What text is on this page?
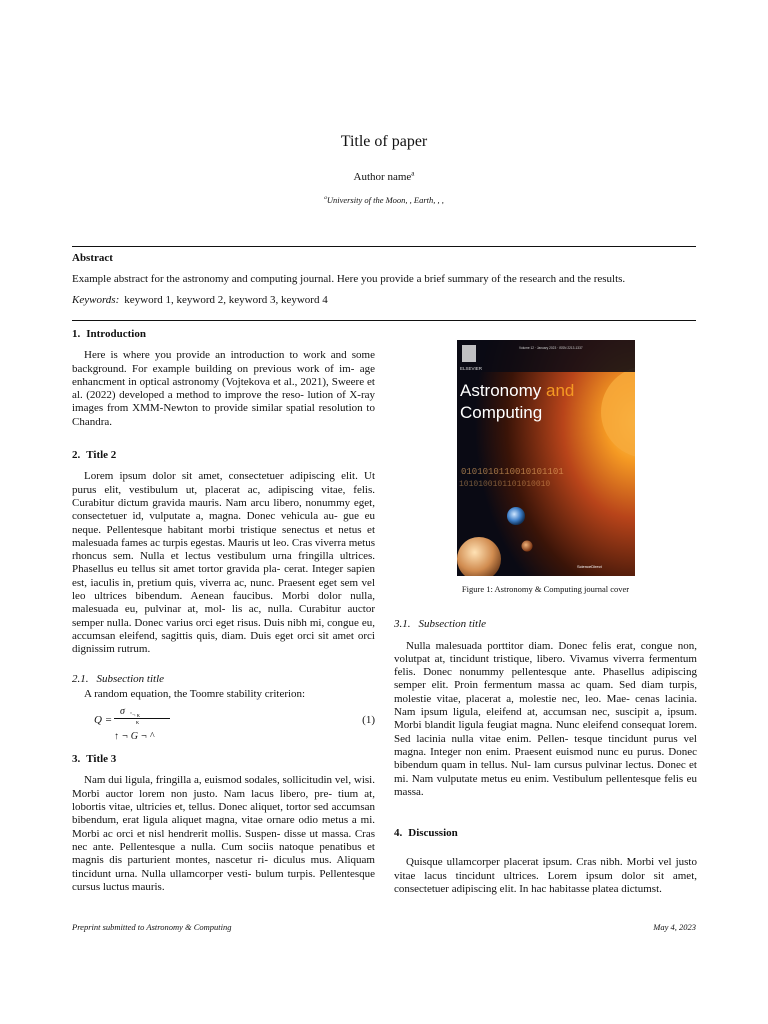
Title of paper
Author name$^a$
$^a$University of the Moon, , Earth, , ,
Abstract
Example abstract for the astronomy and computing journal. Here you provide a brief summary of the research and the results.
Keywords: keyword 1, keyword 2, keyword 3, keyword 4
1. Introduction

Here is where you provide an introduction to work and some background. For example building on previous work of im- age enhancment in optical astronomy (Vojtekova et al., 2021), Sweere et al. (2022) developed a method to improve the reso- lution of X-ray images from XMM-Newton to provide similar spatial resolution to Chandra.

2. Title 2

Lorem ipsum dolor sit amet, consectetuer adipiscing elit. Ut purus elit, vestibulum ut, placerat ac, adipiscing vitae, felis. Curabitur dictum gravida mauris. Nam arcu libero, nonummy eget, consectetuer id, vulputate a, magna. Donec vehicula au- gue eu neque. Pellentesque habitant morbi tristique senectus et netus et malesuada fames ac turpis egestas. Mauris ut leo. Cras viverra metus rhoncus sem. Nulla et lectus vestibulum urna fringilla ultrices. Phasellus eu tellus sit amet tortor gravida pla- cerat. Integer sapien est, iaculis in, pretium quis, viverra ac, nunc. Praesent eget sem vel leo ultrices bibendum. Aenean faucibus. Morbi dolor nulla, malesuada eu, pulvinar at, mol- lis ac, nulla. Curabitur auctor semper nulla. Donec varius orci eget risus. Duis nibh mi, congue eu, accumsan eleifend, sagittis quis, diam. Duis eget orci sit amet orci dignissim rutrum.

2.1. Subsection title

A random equation, the Toomre stability criterion:

Q =
σ ˆ¬ κ
κ
↑ ¬ G ¬ ^
(1)
3. Title 3

Nam dui ligula, fringilla a, euismod sodales, sollicitudin vel, wisi. Morbi auctor lorem non justo. Nam lacus libero, pre- tium at, lobortis vitae, ultricies et, tellus. Donec aliquet, tortor sed accumsan bibendum, erat ligula aliquet magna, vitae ornare odio metus a mi. Morbi ac orci et nisl hendrerit mollis. Suspen- disse ut massa. Cras nec ante. Pellentesque a nulla. Cum sociis natoque penatibus et magnis dis parturient montes, nascetur ri- diculus mus. Aliquam tincidunt urna. Nulla ullamcorper vesti- bulum turpis. Pellentesque cursus luctus mauris.

ELSEVIER
Volume 12 · January 2023 · ISSN 2213-1337
Astronomy and
Computing
0101010110010101101
1010100101101010010
ScienceDirect
Figure 1: Astronomy & Computing journal cover
3.1. Subsection title

Nulla malesuada porttitor diam. Donec felis erat, congue non, volutpat at, tincidunt tristique, libero. Vivamus viverra fermentum felis. Donec nonummy pellentesque ante. Phasellus adipiscing semper elit. Proin fermentum massa ac quam. Sed diam turpis, molestie vitae, placerat a, molestie nec, leo. Mae- cenas lacinia. Nam ipsum ligula, eleifend at, accumsan nec, suscipit a, ipsum. Morbi blandit ligula feugiat magna. Nunc eleifend consequat lorem. Sed lacinia nulla vitae enim. Pellen- tesque tincidunt purus vel magna. Integer non enim. Praesent euismod nunc eu purus. Donec bibendum quam in tellus. Nul- lam cursus pulvinar lectus. Donec et mi. Nam vulputate metus eu enim. Vestibulum pellentesque felis eu massa.

4. Discussion

Quisque ullamcorper placerat ipsum. Cras nibh. Morbi vel justo vitae lacus tincidunt ultrices. Lorem ipsum dolor sit amet, consectetuer adipiscing elit. In hac habitasse platea dictumst.

Preprint submitted to Astronomy & Computing	May 4, 2023
